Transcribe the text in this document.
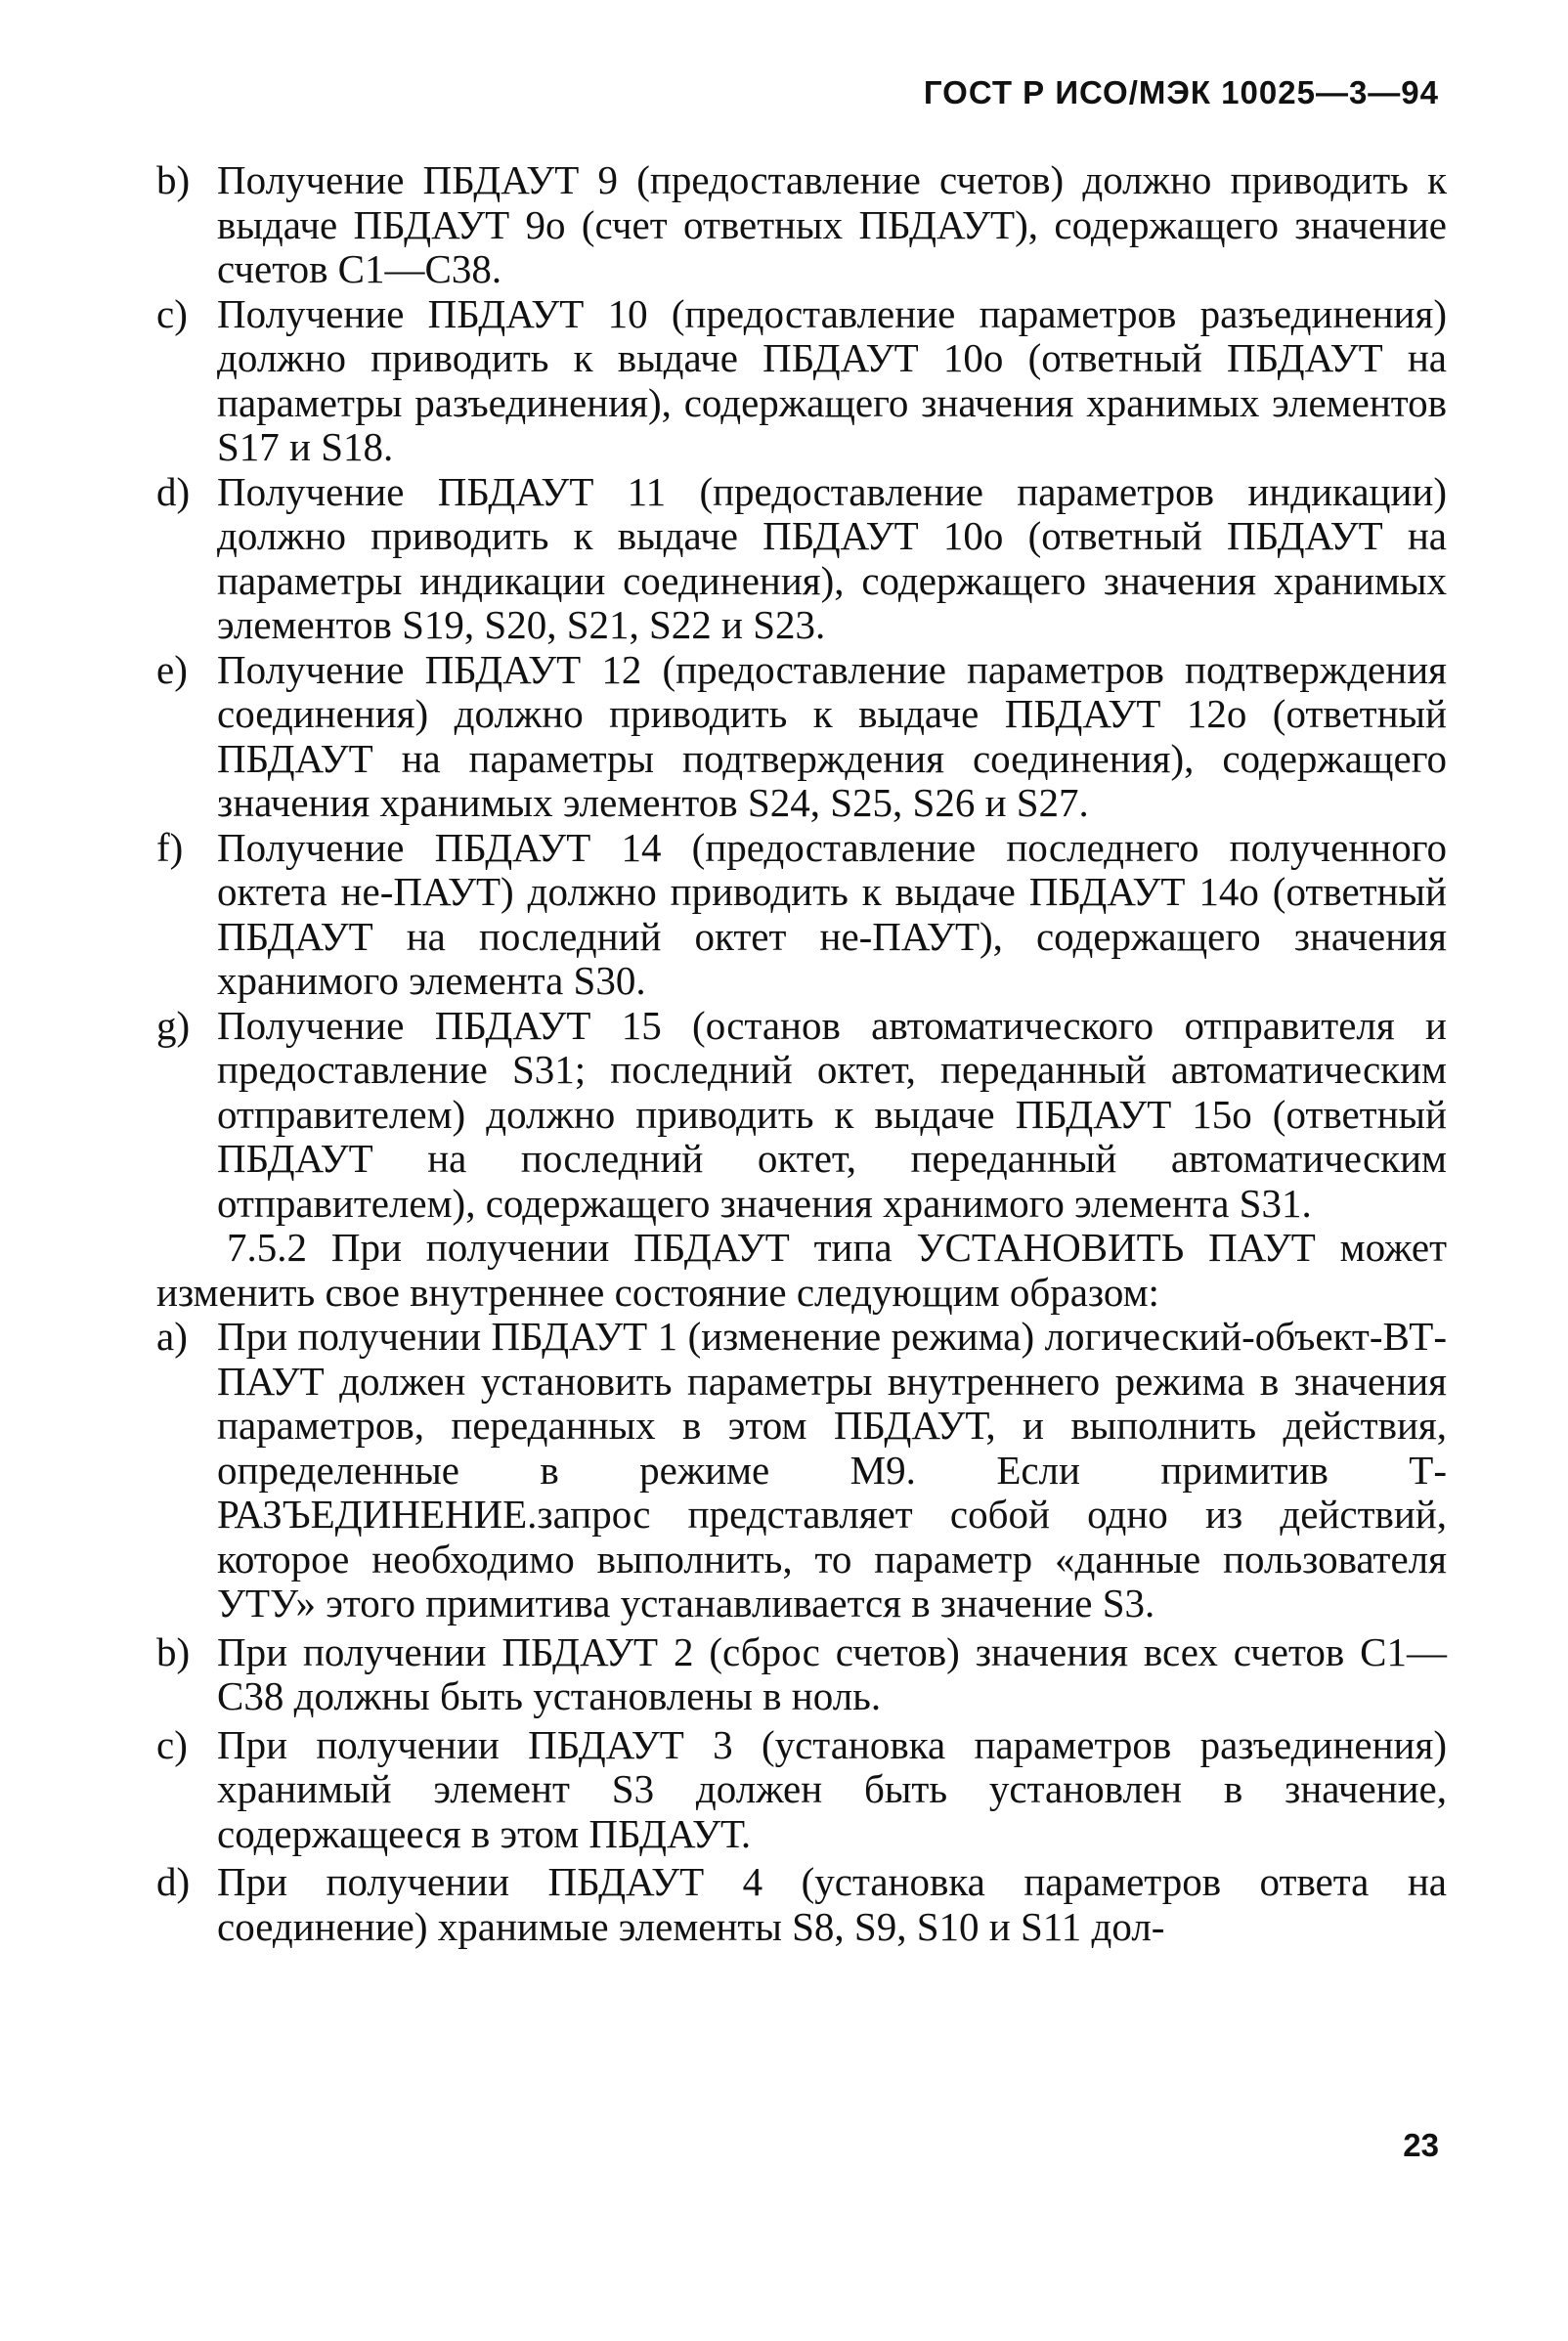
ГОСТ Р ИСО/МЭК 10025—3—94
b) Получение ПБДАУТ 9 (предоставление счетов) должно приводить к выдаче ПБДАУТ 9о (счет ответных ПБДАУТ), содержащего значение счетов С1—С38.
c) Получение ПБДАУТ 10 (предоставление параметров разъединения) должно приводить к выдаче ПБДАУТ 10о (ответный ПБДАУТ на параметры разъединения), содержащего значения хранимых элементов S17 и S18.
d) Получение ПБДАУТ 11 (предоставление параметров индикации) должно приводить к выдаче ПБДАУТ 10о (ответный ПБДАУТ на параметры индикации соединения), содержащего значения хранимых элементов S19, S20, S21, S22 и S23.
e) Получение ПБДАУТ 12 (предоставление параметров подтверждения соединения) должно приводить к выдаче ПБДАУТ 12о (ответный ПБДАУТ на параметры подтверждения соединения), содержащего значения хранимых элементов S24, S25, S26 и S27.
f) Получение ПБДАУТ 14 (предоставление последнего полученного октета не-ПАУТ) должно приводить к выдаче ПБДАУТ 14о (ответный ПБДАУТ на последний октет не-ПАУТ), содержащего значения хранимого элемента S30.
g) Получение ПБДАУТ 15 (останов автоматического отправителя и предоставление S31; последний октет, переданный автоматическим отправителем) должно приводить к выдаче ПБДАУТ 15о (ответный ПБДАУТ на последний октет, переданный автоматическим отправителем), содержащего значения хранимого элемента S31.

7.5.2 При получении ПБДАУТ типа УСТАНОВИТЬ ПАУТ может изменить свое внутреннее состояние следующим образом:

a) При получении ПБДАУТ 1 (изменение режима) логический-объект-ВТ-ПАУТ должен установить параметры внутреннего режима в значения параметров, переданных в этом ПБДАУТ, и выполнить действия, определенные в режиме М9. Если примитив Т-РАЗЪЕДИНЕНИЕ.запрос представляет собой одно из действий, которое необходимо выполнить, то параметр «данные пользователя УТУ» этого примитива устанавливается в значение S3.
b) При получении ПБДАУТ 2 (сброс счетов) значения всех счетов С1—С38 должны быть установлены в ноль.
c) При получении ПБДАУТ 3 (установка параметров разъединения) хранимый элемент S3 должен быть установлен в значение, содержащееся в этом ПБДАУТ.
d) При получении ПБДАУТ 4 (установка параметров ответа на соединение) хранимые элементы S8, S9, S10 и S11 дол-
23
